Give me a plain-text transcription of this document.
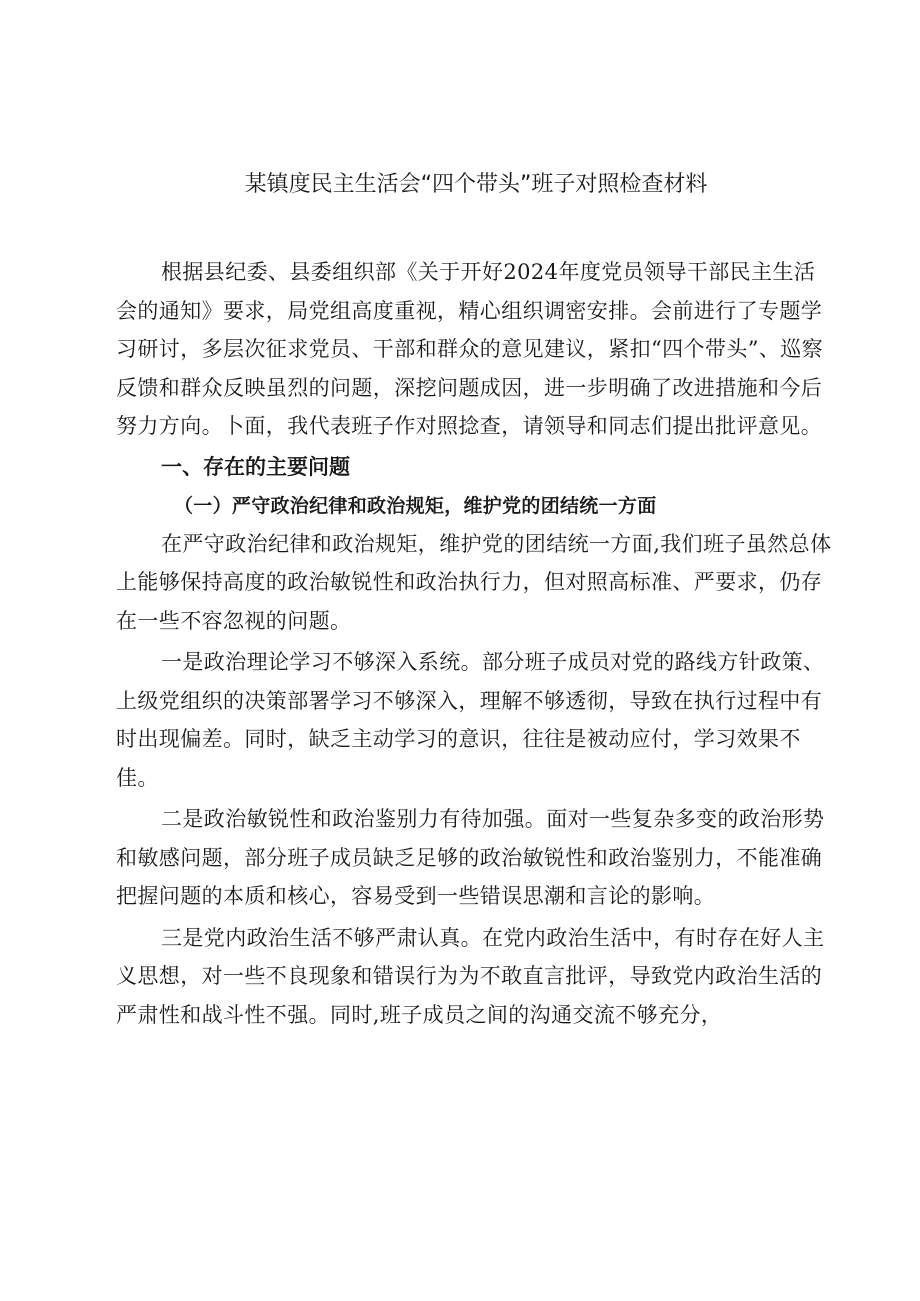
某镇度民主生活会“四个带头”班子对照检查材料

根据县纪委、县委组织部《关于开好2024年度党员领导干部民主生活会的通知》要求，局党组高度重视，精心组织调密安排。会前进行了专题学习研讨，多层次征求党员、干部和群众的意见建议，紧扣“四个带头”、巡察反馈和群众反映虽烈的问题，深挖问题成因，进一步明确了改进措施和今后努力方向。卜面，我代表班子作对照捻查，请领导和同志们提出批评意见。

一、存在的主要问题
（一）严守政治纪律和政治规矩，维护党的团结统一方面

在严守政治纪律和政治规矩，维护党的团结统一方面,我们班子虽然总体上能够保持高度的政治敏锐性和政治执行力，但对照高标准、严要求，仍存在一些不容忽视的问题。

一是政治理论学习不够深入系统。部分班子成员对党的路线方针政策、上级党组织的决策部署学习不够深入，理解不够透彻，导致在执行过程中有时出现偏差。同时，缺乏主动学习的意识，往往是被动应付，学习效果不佳。

二是政治敏锐性和政治鉴别力有待加强。面对一些复杂多变的政治形势和敏感问题，部分班子成员缺乏足够的政治敏锐性和政治鉴别力，不能准确把握问题的本质和核心，容易受到一些错误思潮和言论的影响。

三是党内政治生活不够严肃认真。在党内政治生活中，有时存在好人主义思想，对一些不良现象和错误行为为不敢直言批评，导致党内政治生活的严肃性和战斗性不强。同时,班子成员之间的沟通交流不够充分，
